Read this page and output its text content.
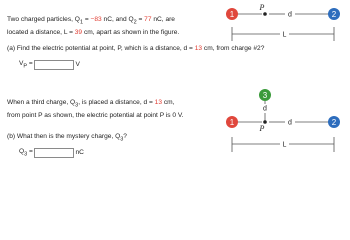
Two charged particles, $Q_1 = -83$ nC, and $Q_2 = 77$ nC, are
located a distance, L = 39 cm, apart as shown in the figure.
(a) Find the electric potential at point, P, which is a distance, d = 13 cm, from charge #2?
$V_P$ =	V
When a third charge, $Q_3$, is placed a distance, d = 13 cm,
from point P as shown, the electric potential at point P is 0 V.
(b) What then is the mystery charge, $Q_3$?
$Q_3$ =	nC
d
P
1	2
L
3
d
d
P
1	2
L
